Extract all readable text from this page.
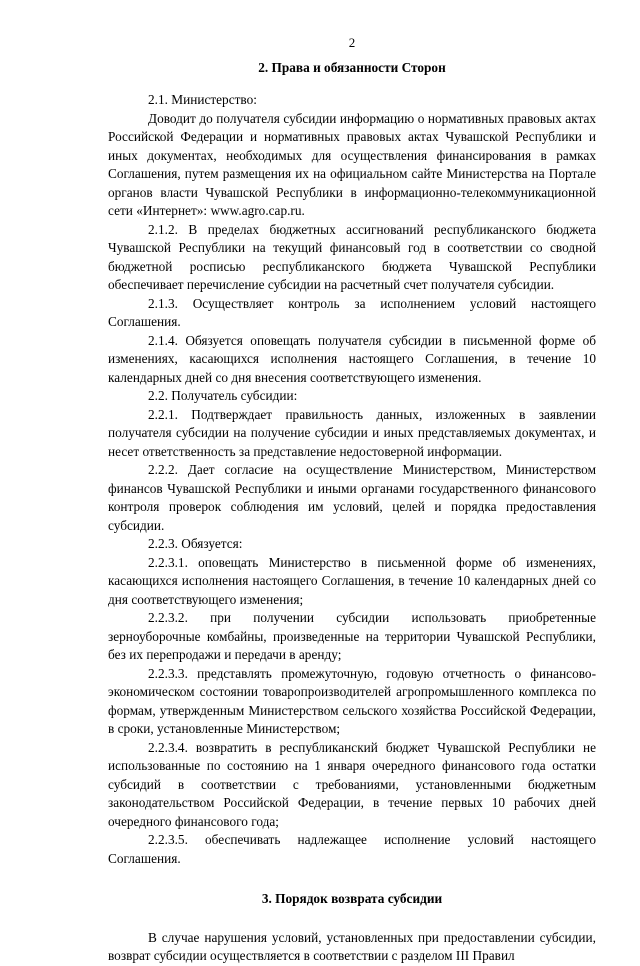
2
2. Права и обязанности Сторон

2.1. Министерство:

Доводит до получателя субсидии информацию о нормативных правовых актах Российской Федерации и нормативных правовых актах Чувашской Республики и иных документах, необходимых для осуществления финансирования в рамках Соглашения, путем размещения их на официальном сайте Министерства на Портале органов власти Чувашской Республики в информационно-телекоммуникационной сети «Интернет»: www.agro.cap.ru.

2.1.2. В пределах бюджетных ассигнований республиканского бюджета Чувашской Республики на текущий финансовый год в соответствии со сводной бюджетной росписью республиканского бюджета Чувашской Республики обеспечивает перечисление субсидии на расчетный счет получателя субсидии.

2.1.3. Осуществляет контроль за исполнением условий настоящего Соглашения.

2.1.4. Обязуется оповещать получателя субсидии в письменной форме об изменениях, касающихся исполнения настоящего Соглашения, в течение 10 календарных дней со дня внесения соответствующего изменения.

2.2. Получатель субсидии:

2.2.1. Подтверждает правильность данных, изложенных в заявлении получателя субсидии на получение субсидии и иных представляемых документах, и несет ответственность за представление недостоверной информации.

2.2.2. Дает согласие на осуществление Министерством, Министерством финансов Чувашской Республики и иными органами государственного финансового контроля проверок соблюдения им условий, целей и порядка предоставления субсидии.

2.2.3. Обязуется:

2.2.3.1. оповещать Министерство в письменной форме об изменениях, касающихся исполнения настоящего Соглашения, в течение 10 календарных дней со дня соответствующего изменения;

2.2.3.2. при получении субсидии использовать приобретенные зерноуборочные комбайны, произведенные на территории Чувашской Республики, без их перепродажи и передачи в аренду;

2.2.3.3. представлять промежуточную, годовую отчетность о финансово-экономическом состоянии товаропроизводителей агропромышленного комплекса по формам, утвержденным Министерством сельского хозяйства Российской Федерации, в сроки, установленные Министерством;

2.2.3.4. возвратить в республиканский бюджет Чувашской Республики не использованные по состоянию на 1 января очередного финансового года остатки субсидий в соответствии с требованиями, установленными бюджетным законодательством Российской Федерации, в течение первых 10 рабочих дней очередного финансового года;

2.2.3.5. обеспечивать надлежащее исполнение условий настоящего Соглашения.

3. Порядок возврата субсидии

В случае нарушения условий, установленных при предоставлении субсидии, возврат субсидии осуществляется в соответствии с разделом III Правил
